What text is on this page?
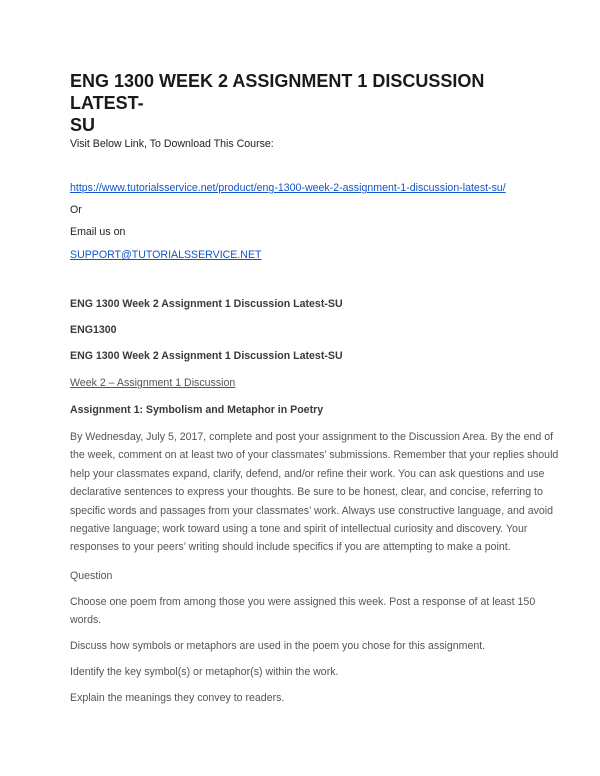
ENG 1300 WEEK 2 ASSIGNMENT 1 DISCUSSION LATEST-
SU
Visit Below Link, To Download This Course:
https://www.tutorialsservice.net/product/eng-1300-week-2-assignment-1-discussion-latest-su/
Or
Email us on
SUPPORT@TUTORIALSSERVICE.NET
ENG 1300 Week 2 Assignment 1 Discussion Latest-SU
ENG1300
ENG 1300 Week 2 Assignment 1 Discussion Latest-SU
Week 2 – Assignment 1 Discussion
Assignment 1: Symbolism and Metaphor in Poetry

By Wednesday, July 5, 2017, complete and post your assignment to the Discussion Area. By the end of

the week, comment on at least two of your classmates’ submissions. Remember that your replies should

help your classmates expand, clarify, defend, and/or refine their work. You can ask questions and use

declarative sentences to express your thoughts. Be sure to be honest, clear, and concise, referring to

specific words and passages from your classmates’ work. Always use constructive language, and avoid

negative language; work toward using a tone and spirit of intellectual curiosity and discovery. Your

responses to your peers’ writing should include specifics if you are attempting to make a point.

Question

Choose one poem from among those you were assigned this week. Post a response of at least 150

words.

Discuss how symbols or metaphors are used in the poem you chose for this assignment.
Identify the key symbol(s) or metaphor(s) within the work.
Explain the meanings they convey to readers.
